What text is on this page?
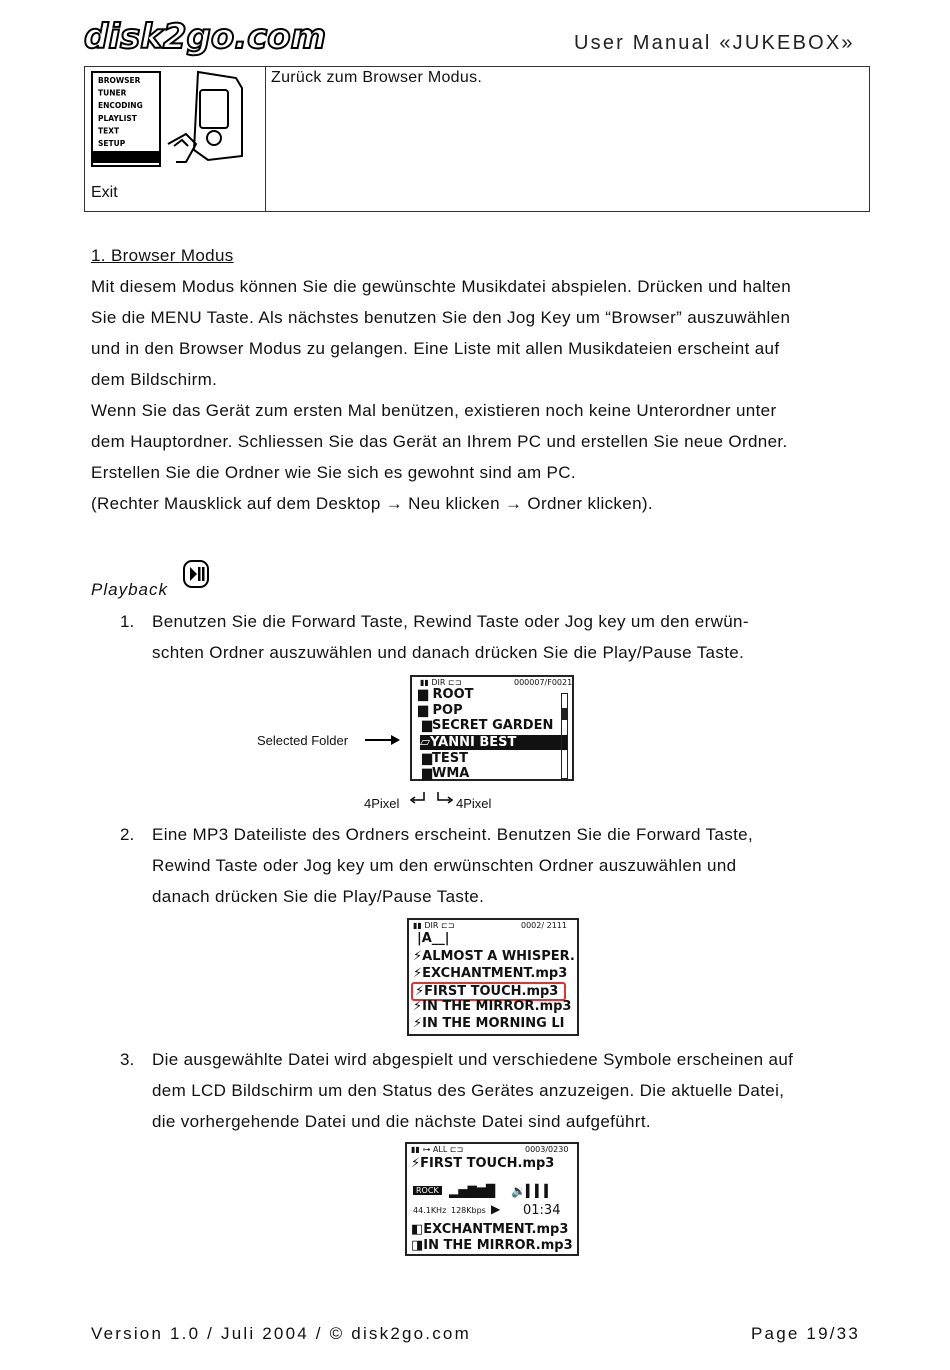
disk2go.com	User Manual «JUKEBOX»
BROWSER
TUNER
ENCODING
PLAYLIST
TEXT
SETUP
Exit
Zurück zum Browser Modus.
1. Browser Modus
Mit diesem Modus können Sie die gewünschte Musikdatei abspielen. Drücken und halten
Sie die MENU Taste. Als nächstes benutzen Sie den Jog Key um “Browser” auszuwählen
und in den Browser Modus zu gelangen. Eine Liste mit allen Musikdateien erscheint auf
dem Bildschirm.
Wenn Sie das Gerät zum ersten Mal benützen, existieren noch keine Unterordner unter
dem Hauptordner. Schliessen Sie das Gerät an Ihrem PC und erstellen Sie neue Ordner.
Erstellen Sie die Ordner wie Sie sich es gewohnt sind am PC.
(Rechter Mausklick auf dem Desktop → Neu klicken → Ordner klicken).
Playback
1. Benutzen Sie die Forward Taste, Rewind Taste oder Jog key um den erwün-
schten Ordner auszuwählen und danach drücken Sie die Play/Pause Taste.
▮▮ DIR ⊏⊐	000007/F0021
▆ ROOT
▆ POP
▆SECRET GARDEN
▱YANNI BEST
▆TEST
▆WMA
Selected Folder
4Pixel	4Pixel
2. Eine MP3 Dateiliste des Ordners erscheint. Benutzen Sie die Forward Taste,
Rewind Taste oder Jog key um den erwünschten Ordner auszuwählen und
danach drücken Sie die Play/Pause Taste.
▮▮ DIR ⊏⊐	0002/ 2111
|A__|
⚡ALMOST A WHISPER.
⚡EXCHANTMENT.mp3
⚡FIRST TOUCH.mp3
⚡IN THE MIRROR.mp3
⚡IN THE MORNING LI
3. Die ausgewählte Datei wird abgespielt und verschiedene Symbole erscheinen auf
dem LCD Bildschirm um den Status des Gerätes anzuzeigen. Die aktuelle Datei,
die vorhergehende Datei und die nächste Datei sind aufgeführt.
▮▮ ⊶ ALL ⊏⊐	0003/0230
⚡FIRST TOUCH.mp3
ROCK ▂▅▇▆█ 🔉▍▍▍
44.1KHz 128Kbps ▶ 01:34
◧EXCHANTMENT.mp3
◨IN THE MIRROR.mp3
Version 1.0 / Juli 2004 / © disk2go.com	Page 19/33
